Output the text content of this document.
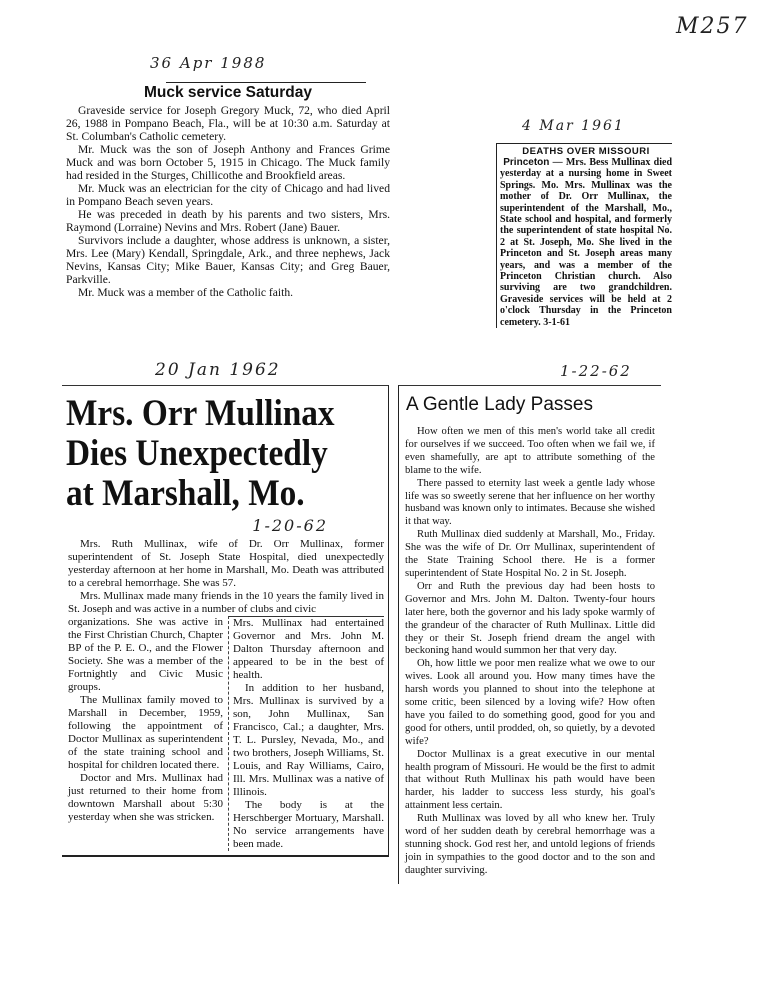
M257
36 Apr 1988
4 Mar 1961
20 Jan 1962	1-22-62
Muck service Saturday

Graveside service for Joseph Gregory Muck, 72, who died April 26, 1988 in Pompano Beach, Fla., will be at 10:30 a.m. Saturday at St. Columban's Catholic cemetery.

Mr. Muck was the son of Joseph Anthony and Frances Grime Muck and was born October 5, 1915 in Chicago. The Muck family had resided in the Sturges, Chillicothe and Brookfield areas.

Mr. Muck was an electrician for the city of Chicago and had lived in Pompano Beach seven years.

He was preceded in death by his parents and two sisters, Mrs. Raymond (Lorraine) Nevins and Mrs. Robert (Jane) Bauer.

Survivors include a daughter, whose address is unknown, a sister, Mrs. Lee (Mary) Kendall, Springdale, Ark., and three nephews, Jack Nevins, Kansas City; Mike Bauer, Kansas City; and Greg Bauer, Parkville.

Mr. Muck was a member of the Catholic faith.

DEATHS OVER MISSOURI
Princeton — Mrs. Bess Mullinax died yesterday at a nursing home in Sweet Springs. Mo. Mrs. Mullinax was the mother of Dr. Orr Mullinax, the superintendent of the Marshall, Mo., State school and hospital, and formerly the superintendent of state hospital No. 2 at St. Joseph, Mo. She lived in the Princeton and St. Joseph areas many years, and was a member of the Princeton Christian church. Also surviving are two grandchildren. Graveside services will be held at 2 o'clock Thursday in the Princeton cemetery. 3-1-61
Mrs. Orr Mullinax
Dies Unexpectedly
at Marshall, Mo.
1-20-62

Mrs. Ruth Mullinax, wife of Dr. Orr Mullinax, former superintendent of St. Joseph State Hospital, died unexpectedly yesterday afternoon at her home in Marshall, Mo. Death was attributed to a cerebral hemorrhage. She was 57.

Mrs. Mullinax made many friends in the 10 years the family lived in St. Joseph and was active in a number of clubs and civic

organizations. She was active in the First Christian Church, Chapter BP of the P. E. O., and the Flower Society. She was a member of the Fortnightly and Civic Music groups.

The Mullinax family moved to Marshall in December, 1959, following the appointment of Doctor Mullinax as superintendent of the state training school and hospital for children located there.

Doctor and Mrs. Mullinax had just returned to their home from downtown Marshall about 5:30 yesterday when she was stricken.

Mrs. Mullinax had entertained Governor and Mrs. John M. Dalton Thursday afternoon and appeared to be in the best of health.

In addition to her husband, Mrs. Mullinax is survived by a son, John Mullinax, San Francisco, Cal.; a daughter, Mrs. T. L. Pursley, Nevada, Mo., and two brothers, Joseph Williams, St. Louis, and Ray Williams, Cairo, Ill. Mrs. Mullinax was a native of Illinois.

The body is at the Herschberger Mortuary, Marshall. No service arrangements have been made.

A Gentle Lady Passes

How often we men of this men's world take all credit for ourselves if we succeed. Too often when we fail we, if even shamefully, are apt to attribute something of the blame to the wife.

There passed to eternity last week a gentle lady whose life was so sweetly serene that her influence on her worthy husband was known only to intimates. Because she wished it that way.

Ruth Mullinax died suddenly at Marshall, Mo., Friday. She was the wife of Dr. Orr Mullinax, superintendent of the State Training School there. He is a former superintendent of State Hospital No. 2 in St. Joseph.

Orr and Ruth the previous day had been hosts to Governor and Mrs. John M. Dalton. Twenty-four hours later here, both the governor and his lady spoke warmly of the grandeur of the character of Ruth Mullinax. Little did they or their St. Joseph friend dream the angel with beckoning hand would summon her that very day.

Oh, how little we poor men realize what we owe to our wives. Look all around you. How many times have the harsh words you planned to shout into the telephone at some critic, been silenced by a loving wife? How often have you failed to do something good, good for you and good for others, until prodded, oh, so quietly, by a devoted wife?

Doctor Mullinax is a great executive in our mental health program of Missouri. He would be the first to admit that without Ruth Mullinax his path would have been harder, his ladder to success less sturdy, his goal's attainment less certain.

Ruth Mullinax was loved by all who knew her. Truly word of her sudden death by cerebral hemorrhage was a stunning shock. God rest her, and untold legions of friends join in sympathies to the good doctor and to the son and daughter surviving.
